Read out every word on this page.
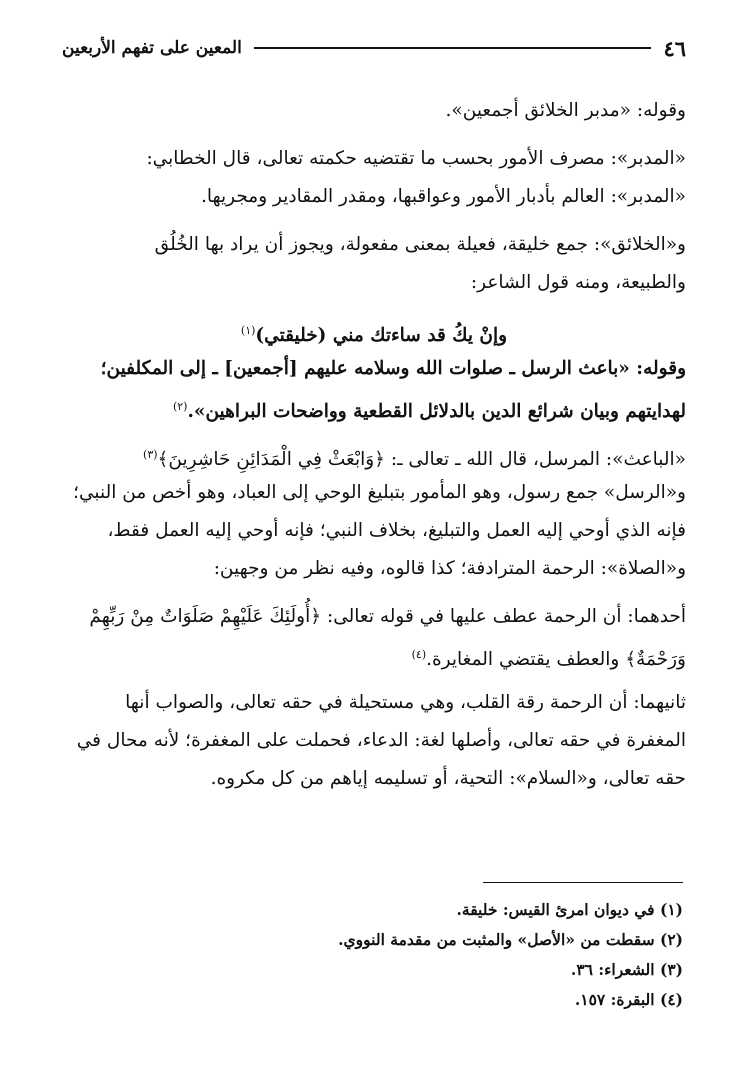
٤٦
المعين على تفهم الأربعين
وقوله: «مدبر الخلائق أجمعين».
«المدبر»: مصرف الأمور بحسب ما تقتضيه حكمته تعالى، قال الخطابي:
«المدبر»: العالم بأدبار الأمور وعواقبها، ومقدر المقادير ومجريها.
و«الخلائق»: جمع خليقة، فعيلة بمعنى مفعولة، ويجوز أن يراد بها الخُلُق
والطبيعة، ومنه قول الشاعر:
وإنْ يكُ قد ساءتك مني (خليقتي)$^{(١)}$
وقوله: «باعث الرسل ـ صلوات الله وسلامه عليهم [أجمعين] ـ إلى المكلفين؛
لهدايتهم وبيان شرائع الدين بالدلائل القطعية وواضحات البراهين».$^{(٢)}$
«الباعث»: المرسل، قال الله ـ تعالى ـ: ﴿وَابْعَثْ فِي الْمَدَائِنِ حَاشِرِينَ﴾$^{(٣)}$
و«الرسل» جمع رسول، وهو المأمور بتبليغ الوحي إلى العباد، وهو أخص من النبي؛
فإنه الذي أوحي إليه العمل والتبليغ، بخلاف النبي؛ فإنه أوحي إليه العمل فقط،
و«الصلاة»: الرحمة المترادفة؛ كذا قالوه، وفيه نظر من وجهين:
أحدهما: أن الرحمة عطف عليها في قوله تعالى: ﴿أُولَئِكَ عَلَيْهِمْ صَلَوَاتٌ مِنْ رَبِّهِمْ
وَرَحْمَةٌ﴾ والعطف يقتضي المغايرة.$^{(٤)}$
ثانيهما: أن الرحمة رقة القلب، وهي مستحيلة في حقه تعالى، والصواب أنها
المغفرة في حقه تعالى، وأصلها لغة: الدعاء، فحملت على المغفرة؛ لأنه محال في
حقه تعالى، و«السلام»: التحية، أو تسليمه إياهم من كل مكروه.
(١) في ديوان امرئ القيس: خليقة.
(٢) سقطت من «الأصل» والمثبت من مقدمة النووي.
(٣) الشعراء: ٣٦.
(٤) البقرة: ١٥٧.
